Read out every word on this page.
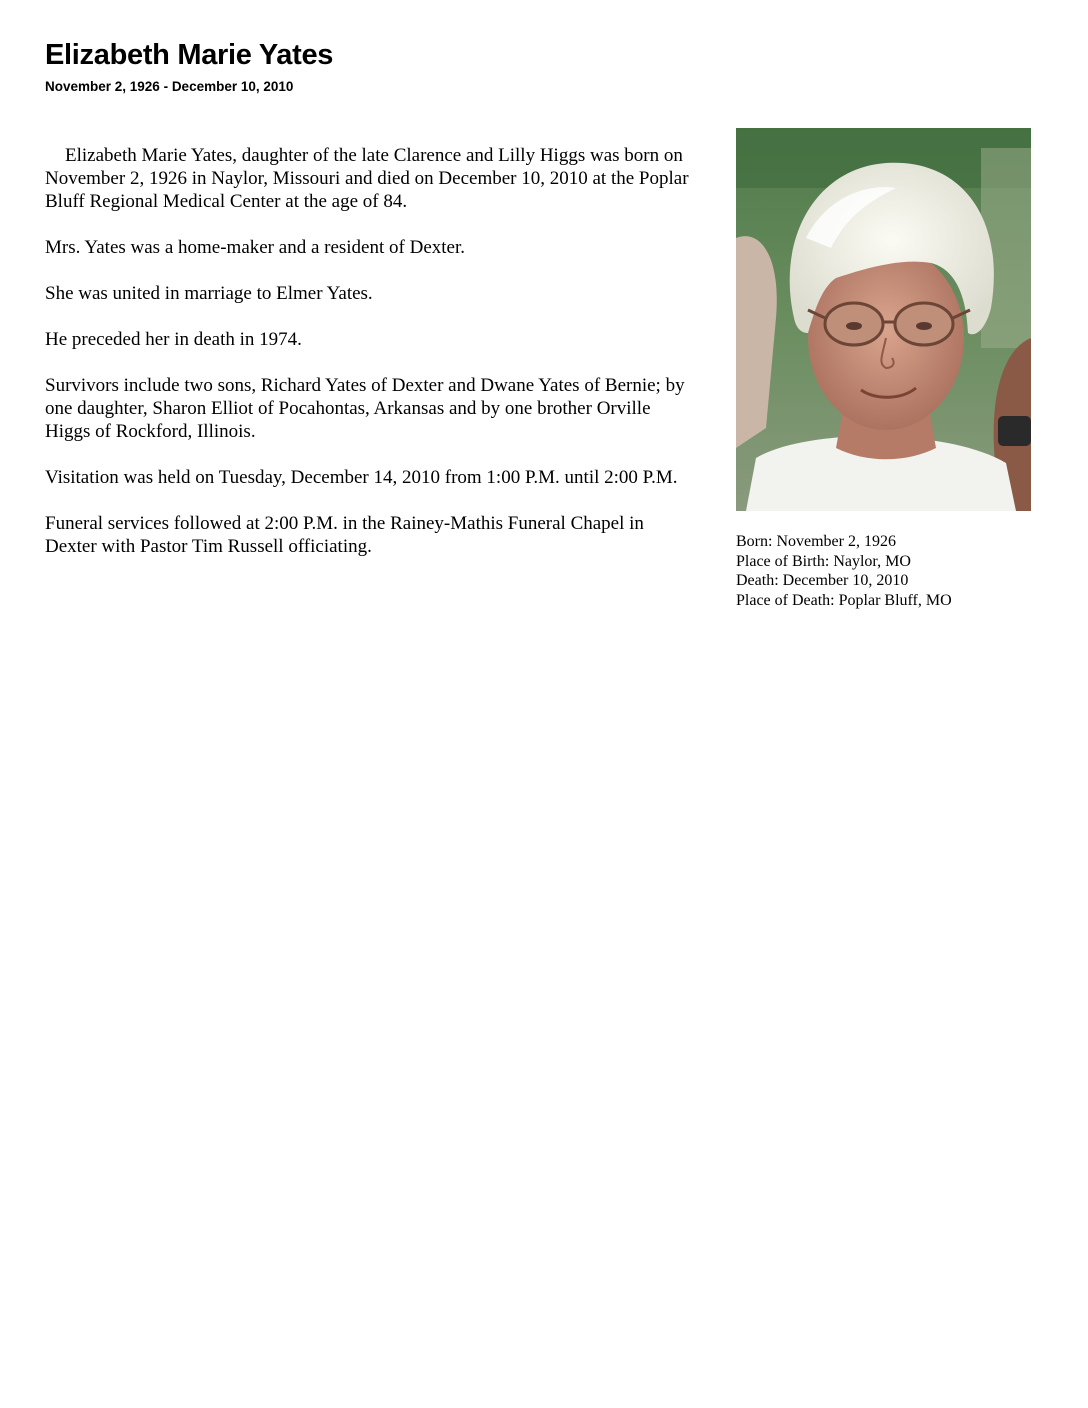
Elizabeth Marie Yates
November 2, 1926 - December 10, 2010

Elizabeth Marie Yates, daughter of the late Clarence and Lilly Higgs was born on November 2, 1926 in Naylor, Missouri and died on December 10, 2010 at the Poplar Bluff Regional Medical Center at the age of 84.

Mrs. Yates was a home-maker and a resident of Dexter.

She was united in marriage to Elmer Yates.

He preceded her in death in 1974.

Survivors include two sons, Richard Yates of Dexter and Dwane Yates of Bernie; by one daughter, Sharon Elliot of Pocahontas, Arkansas and by one brother Orville Higgs of Rockford, Illinois.

Visitation was held on Tuesday, December 14, 2010 from 1:00 P.M. until 2:00 P.M.

Funeral services followed at 2:00 P.M. in the Rainey-Mathis Funeral Chapel in Dexter with Pastor Tim Russell officiating.	Born: November 2, 1926
Place of Birth: Naylor, MO
Death: December 10, 2010
Place of Death: Poplar Bluff, MO
